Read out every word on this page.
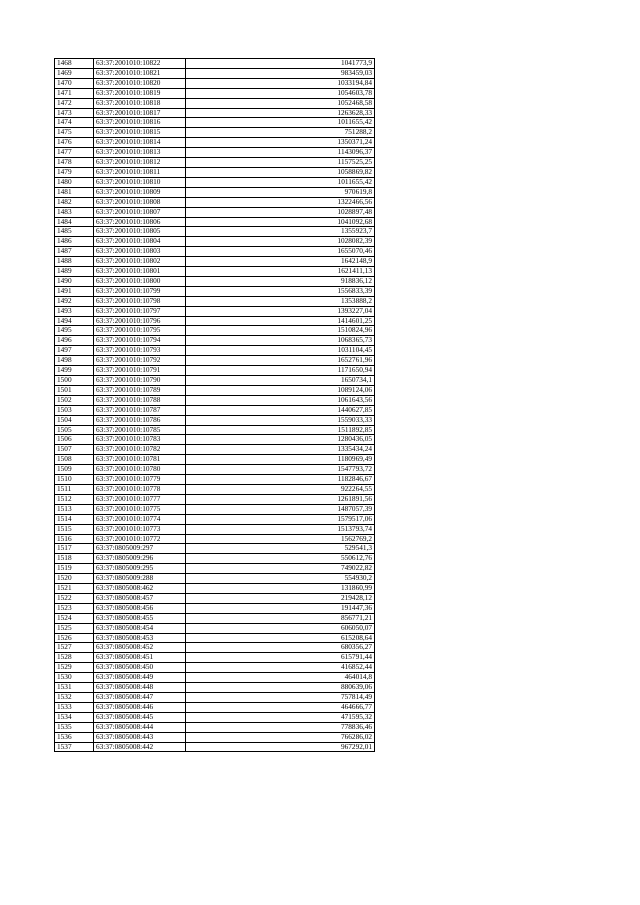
1468	63:37:2001010:10822	1041773,9
1469	63:37:2001010:10821	983459,03
1470	63:37:2001010:10820	1033194,84
1471	63:37:2001010:10819	1054603,78
1472	63:37:2001010:10818	1052468,58
1473	63:37:2001010:10817	1263628,33
1474	63:37:2001010:10816	1011655,42
1475	63:37:2001010:10815	751288,2
1476	63:37:2001010:10814	1350371,24
1477	63:37:2001010:10813	1143096,37
1478	63:37:2001010:10812	1157525,25
1479	63:37:2001010:10811	1058869,82
1480	63:37:2001010:10810	1011655,42
1481	63:37:2001010:10809	970619,8
1482	63:37:2001010:10808	1322466,56
1483	63:37:2001010:10807	1028897,48
1484	63:37:2001010:10806	1041092,68
1485	63:37:2001010:10805	1355923,7
1486	63:37:2001010:10804	1028082,39
1487	63:37:2001010:10803	1655070,46
1488	63:37:2001010:10802	1642148,9
1489	63:37:2001010:10801	1621411,13
1490	63:37:2001010:10800	918836,12
1491	63:37:2001010:10799	1556833,39
1492	63:37:2001010:10798	1353888,2
1493	63:37:2001010:10797	1393227,04
1494	63:37:2001010:10796	1414601,25
1495	63:37:2001010:10795	1510824,96
1496	63:37:2001010:10794	1068365,73
1497	63:37:2001010:10793	1031104,45
1498	63:37:2001010:10792	1652761,96
1499	63:37:2001010:10791	1171650,94
1500	63:37:2001010:10790	1650734,1
1501	63:37:2001010:10789	1089124,06
1502	63:37:2001010:10788	1061643,56
1503	63:37:2001010:10787	1440627,85
1504	63:37:2001010:10786	1559033,33
1505	63:37:2001010:10785	1511892,85
1506	63:37:2001010:10783	1280436,05
1507	63:37:2001010:10782	1335434,24
1508	63:37:2001010:10781	1180969,49
1509	63:37:2001010:10780	1547793,72
1510	63:37:2001010:10779	1182846,67
1511	63:37:2001010:10778	922264,55
1512	63:37:2001010:10777	1261891,56
1513	63:37:2001010:10775	1487057,39
1514	63:37:2001010:10774	1579517,06
1515	63:37:2001010:10773	1513793,74
1516	63:37:2001010:10772	1562769,2
1517	63:37:0805009:297	529541,3
1518	63:37:0805009:296	550612,76
1519	63:37:0805009:295	749022,82
1520	63:37:0805009:288	554930,2
1521	63:37:0805008:462	131860,99
1522	63:37:0805008:457	219428,12
1523	63:37:0805008:456	191447,36
1524	63:37:0805008:455	856771,21
1525	63:37:0805008:454	606050,07
1526	63:37:0805008:453	615208,64
1527	63:37:0805008:452	680356,27
1528	63:37:0805008:451	615791,44
1529	63:37:0805008:450	416852,44
1530	63:37:0805008:449	464014,8
1531	63:37:0805008:448	880639,06
1532	63:37:0805008:447	757814,49
1533	63:37:0805008:446	464666,77
1534	63:37:0805008:445	471595,32
1535	63:37:0805008:444	778836,46
1536	63:37:0805008:443	766286,02
1537	63:37:0805008:442	967292,01
